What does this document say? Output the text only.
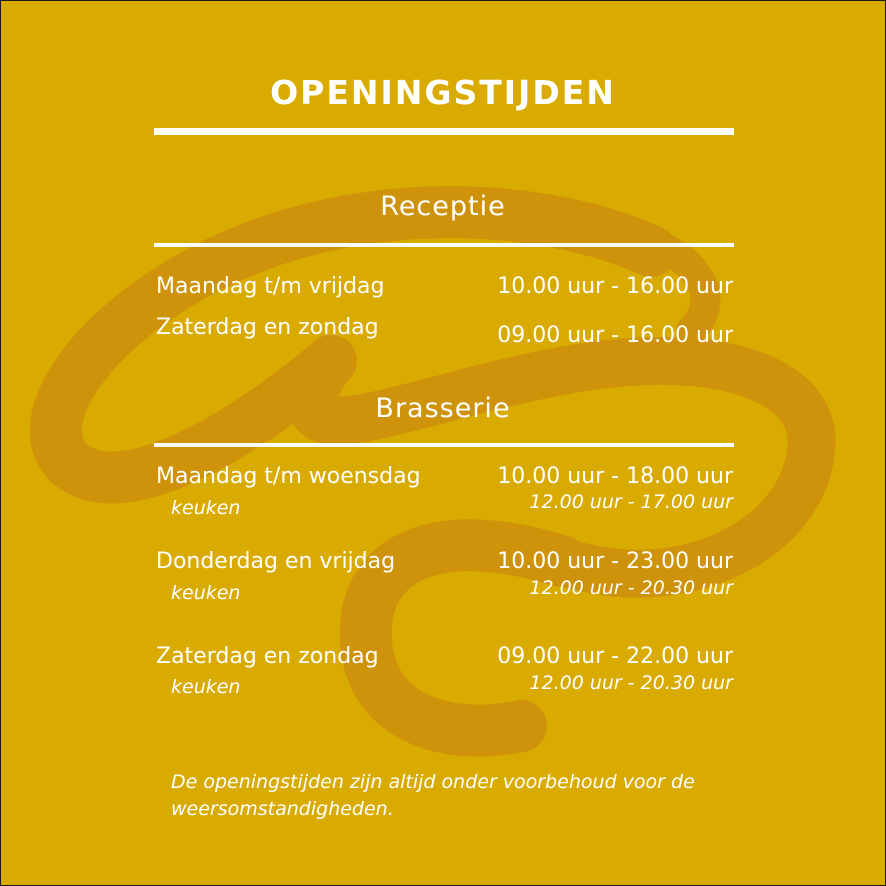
OPENINGSTIJDEN
Receptie
Maandag t/m vrijdag	10.00 uur - 16.00 uur
Zaterdag en zondag	09.00 uur - 16.00 uur
Brasserie
Maandag t/m woensdag	10.00 uur - 18.00 uur
keuken	12.00 uur - 17.00 uur
Donderdag en vrijdag	10.00 uur - 23.00 uur
keuken	12.00 uur - 20.30 uur
Zaterdag en zondag	09.00 uur - 22.00 uur
keuken	12.00 uur - 20.30 uur
De openingstijden zijn altijd onder voorbehoud voor de weersomstandigheden.
